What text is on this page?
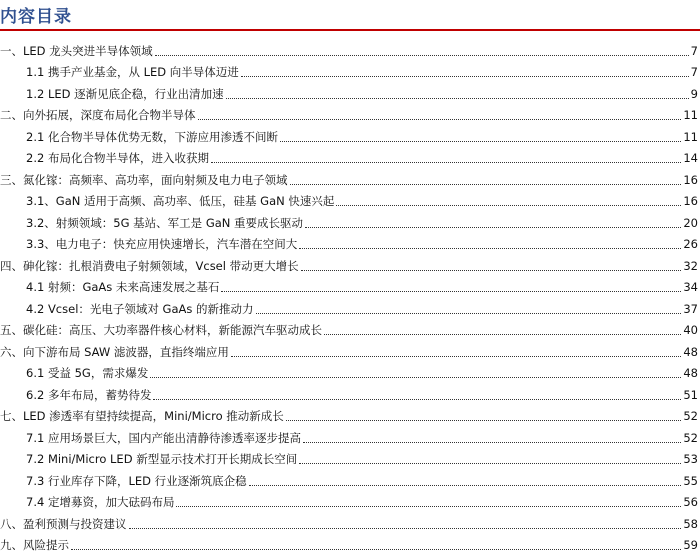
内容目录
一、LED 龙头突进半导体领域	7
1.1 携手产业基金，从 LED 向半导体迈进	7
1.2 LED 逐渐见底企稳，行业出清加速	9
二、向外拓展，深度布局化合物半导体	11
2.1 化合物半导体优势无数，下游应用渗透不间断	11
2.2 布局化合物半导体，进入收获期	14
三、氮化镓：高频率、高功率，面向射频及电力电子领域	16
3.1、GaN 适用于高频、高功率、低压，硅基 GaN 快速兴起	16
3.2、射频领域：5G 基站、军工是 GaN 重要成长驱动	20
3.3、电力电子：快充应用快速增长，汽车潜在空间大	26
四、砷化镓：扎根消费电子射频领域，Vcsel 带动更大增长	32
4.1 射频：GaAs 未来高速发展之基石	34
4.2 Vcsel：光电子领域对 GaAs 的新推动力	37
五、碳化硅：高压、大功率器件核心材料，新能源汽车驱动成长	40
六、向下游布局 SAW 滤波器，直指终端应用	48
6.1 受益 5G，需求爆发	48
6.2 多年布局，蓄势待发	51
七、LED 渗透率有望持续提高，Mini/Micro 推动新成长	52
7.1 应用场景巨大，国内产能出清静待渗透率逐步提高	52
7.2 Mini/Micro LED 新型显示技术打开长期成长空间	53
7.3 行业库存下降，LED 行业逐渐筑底企稳	55
7.4 定增募资，加大砝码布局	56
八、盈利预测与投资建议	58
九、风险提示	59
